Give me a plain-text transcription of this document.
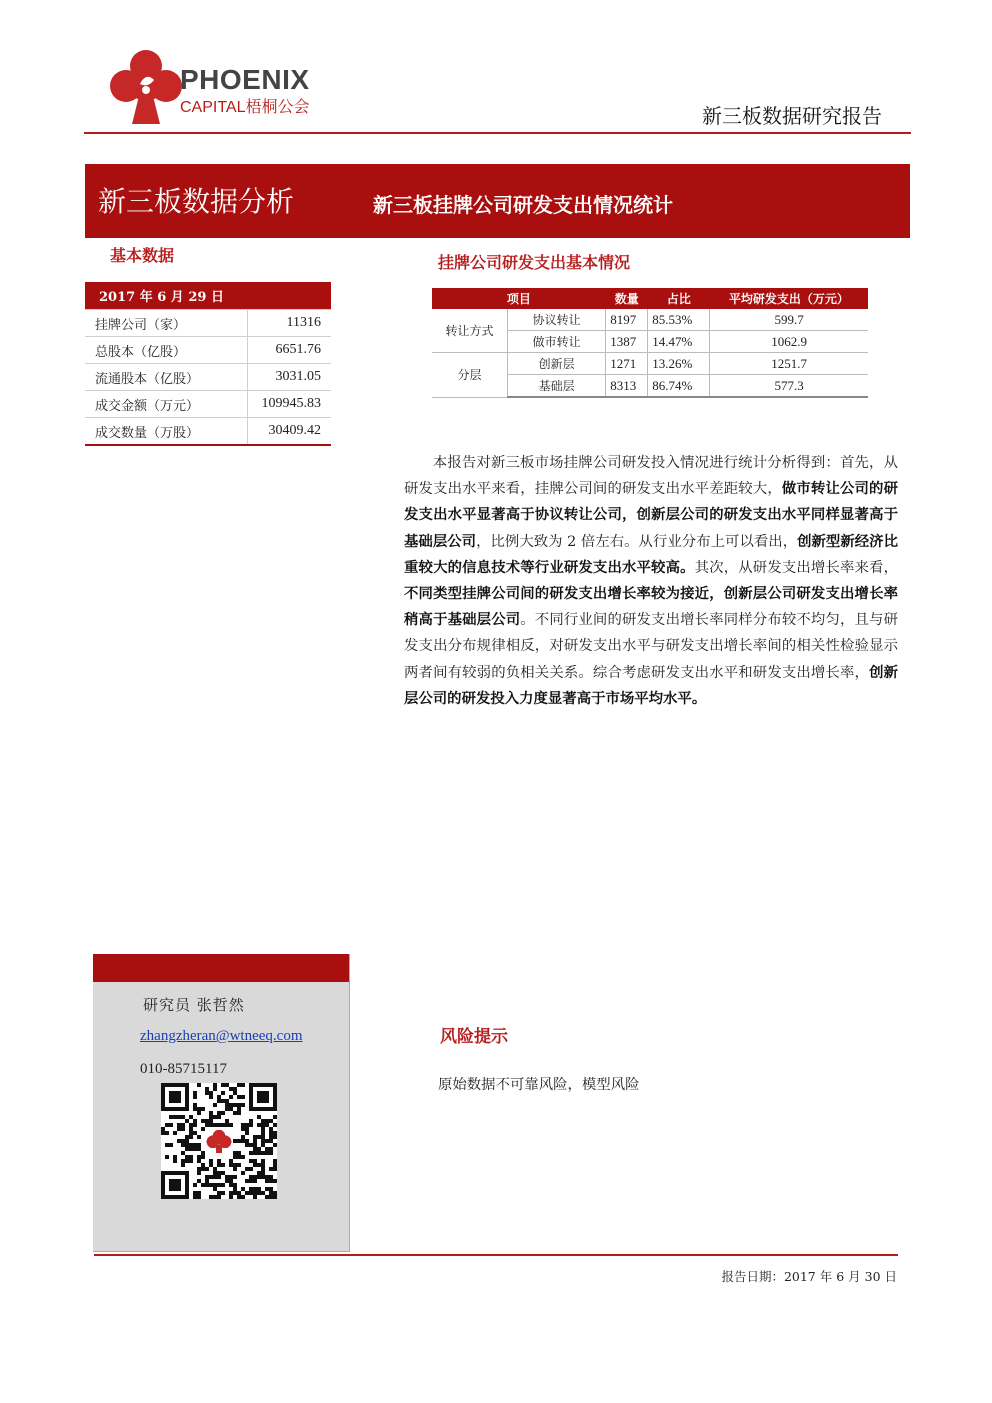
PHOENIX
CAPITAL梧桐公会	新三板数据研究报告
新三板数据分析	新三板挂牌公司研发支出情况统计
基本数据
2017 年 6 月 29 日	
挂牌公司（家）	11316
总股本（亿股）	6651.76
流通股本（亿股）	3031.05
成交金额（万元）	109945.83
成交数量（万股）	30409.42
挂牌公司研发支出基本情况
项目		数量	占比	平均研发支出（万元）
转让方式	协议转让	8197	85.53%	599.7
	做市转让	1387	14.47%	1062.9
分层	创新层	1271	13.26%	1251.7
	基础层	8313	86.74%	577.3

本报告对新三板市场挂牌公司研发投入情况进行统计分析得到：首先，从研发支出水平来看，挂牌公司间的研发支出水平差距较大，做市转让公司的研发支出水平显著高于协议转让公司，创新层公司的研发支出水平同样显著高于基础层公司，比例大致为 2 倍左右。从行业分布上可以看出，创新型新经济比重较大的信息技术等行业研发支出水平较高。其次，从研发支出增长率来看，不同类型挂牌公司间的研发支出增长率较为接近，创新层公司研发支出增长率稍高于基础层公司。不同行业间的研发支出增长率同样分布较不均匀，且与研发支出分布规律相反，对研发支出水平与研发支出增长率间的相关性检验显示两者间有较弱的负相关关系。综合考虑研发支出水平和研发支出增长率，创新层公司的研发投入力度显著高于市场平均水平。

研究员 张哲然
zhangzheran@wtneeq.com
010-85715117
风险提示
原始数据不可靠风险，模型风险
报告日期：2017 年 6 月 30 日
